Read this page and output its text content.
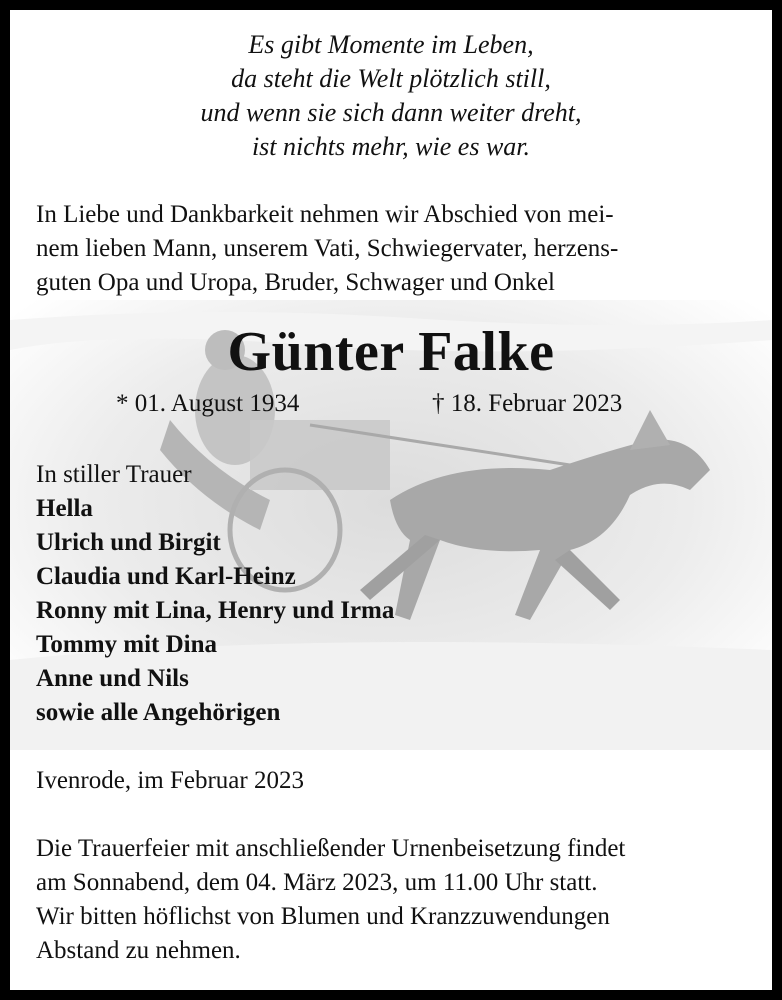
Es gibt Momente im Leben,
da steht die Welt plötzlich still,
und wenn sie sich dann weiter dreht,
ist nichts mehr, wie es war.
In Liebe und Dankbarkeit nehmen wir Abschied von mei-
nem lieben Mann, unserem Vati, Schwiegervater, herzens-
guten Opa und Uropa, Bruder, Schwager und Onkel
Günter Falke
* 01. August 1934	† 18. Februar 2023
In stiller Trauer
Hella
Ulrich und Birgit
Claudia und Karl-Heinz
Ronny mit Lina, Henry und Irma
Tommy mit Dina
Anne und Nils
sowie alle Angehörigen
Ivenrode, im Februar 2023
Die Trauerfeier mit anschließender Urnenbeisetzung findet
am Sonnabend, dem 04. März 2023, um 11.00 Uhr statt.
Wir bitten höflichst von Blumen und Kranzzuwendungen
Abstand zu nehmen.
